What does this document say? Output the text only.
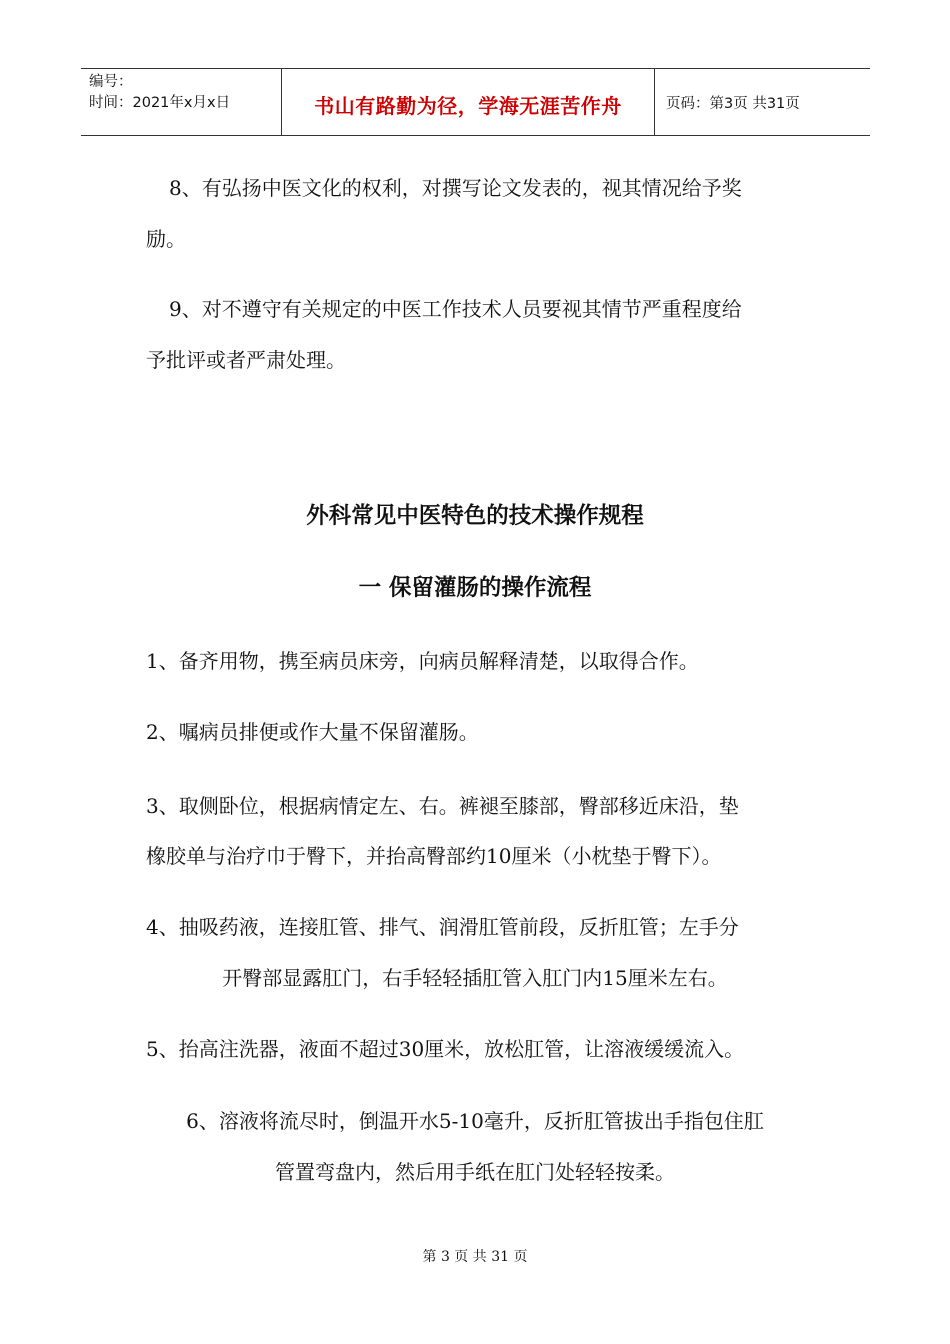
编号：
时间：2021年x月x日	书山有路勤为径，学海无涯苦作舟	页码：第3页 共31页
8、有弘扬中医文化的权利，对撰写论文发表的，视其情况给予奖
励。
9、对不遵守有关规定的中医工作技术人员要视其情节严重程度给
予批评或者严肃处理。
外科常见中医特色的技术操作规程
一 保留灌肠的操作流程
1、备齐用物，携至病员床旁，向病员解释清楚，以取得合作。
2、嘱病员排便或作大量不保留灌肠。
3、取侧卧位，根据病情定左、右。裤褪至膝部，臀部移近床沿，垫
橡胶单与治疗巾于臀下，并抬高臀部约10厘米（小枕垫于臀下）。
4、抽吸药液，连接肛管、排气、润滑肛管前段，反折肛管；左手分
开臀部显露肛门，右手轻轻插肛管入肛门内15厘米左右。
5、抬高注洗器，液面不超过30厘米，放松肛管，让溶液缓缓流入。
6、溶液将流尽时，倒温开水5-10毫升，反折肛管拔出手指包住肛
管置弯盘内，然后用手纸在肛门处轻轻按柔。
第 3 页 共 31 页
